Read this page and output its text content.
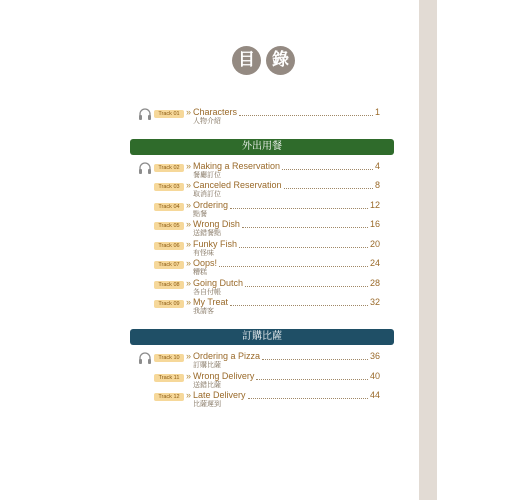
目	錄
外出用餐
訂購比薩
Track 01 » Characters	1
人物介紹
Track 02 » Making a Reservation	4
餐廳訂位
Track 03 » Canceled Reservation	8
取消訂位
Track 04 » Ordering	12
點餐
Track 05 » Wrong Dish	16
送錯餐點
Track 06 » Funky Fish	20
有怪味
Track 07 » Oops!	24
糟糕
Track 08 » Going Dutch	28
各自付帳
Track 09 » My Treat	32
我請客
Track 10 » Ordering a Pizza	36
訂購比薩
Track 11 » Wrong Delivery	40
送錯比薩
Track 12 » Late Delivery	44
比薩遲到
